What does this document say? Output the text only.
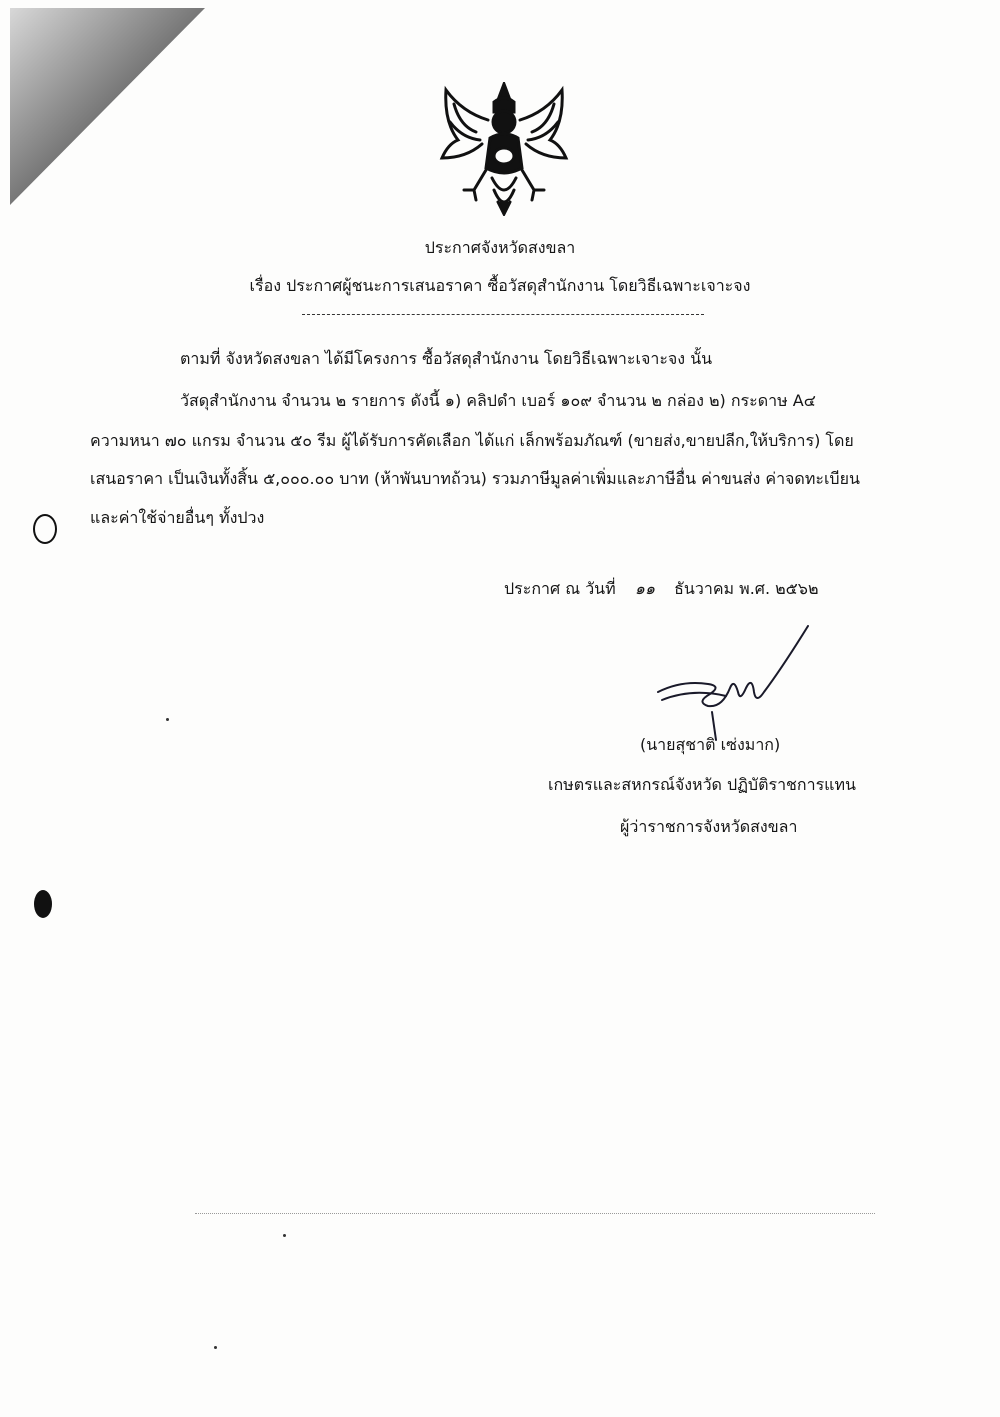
ประกาศจังหวัดสงขลา
เรื่อง ประกาศผู้ชนะการเสนอราคา ซื้อวัสดุสำนักงาน โดยวิธีเฉพาะเจาะจง
ตามที่ จังหวัดสงขลา ได้มีโครงการ ซื้อวัสดุสำนักงาน โดยวิธีเฉพาะเจาะจง นั้น
วัสดุสำนักงาน จำนวน ๒ รายการ ดังนี้ ๑) คลิปดำ เบอร์ ๑๐๙ จำนวน ๒ กล่อง ๒) กระดาษ A๔
ความหนา ๗๐ แกรม จำนวน ๕๐ รีม ผู้ได้รับการคัดเลือก ได้แก่ เล็กพร้อมภัณฑ์ (ขายส่ง,ขายปลีก,ให้บริการ) โดย
เสนอราคา เป็นเงินทั้งสิ้น ๕,๐๐๐.๐๐ บาท (ห้าพันบาทถ้วน) รวมภาษีมูลค่าเพิ่มและภาษีอื่น ค่าขนส่ง ค่าจดทะเบียน
และค่าใช้จ่ายอื่นๆ ทั้งปวง
ประกาศ ณ วันที่ ๑๑ ธันวาคม พ.ศ. ๒๕๖๒
(นายสุชาติ เซ่งมาก)
เกษตรและสหกรณ์จังหวัด ปฏิบัติราชการแทน
ผู้ว่าราชการจังหวัดสงขลา
